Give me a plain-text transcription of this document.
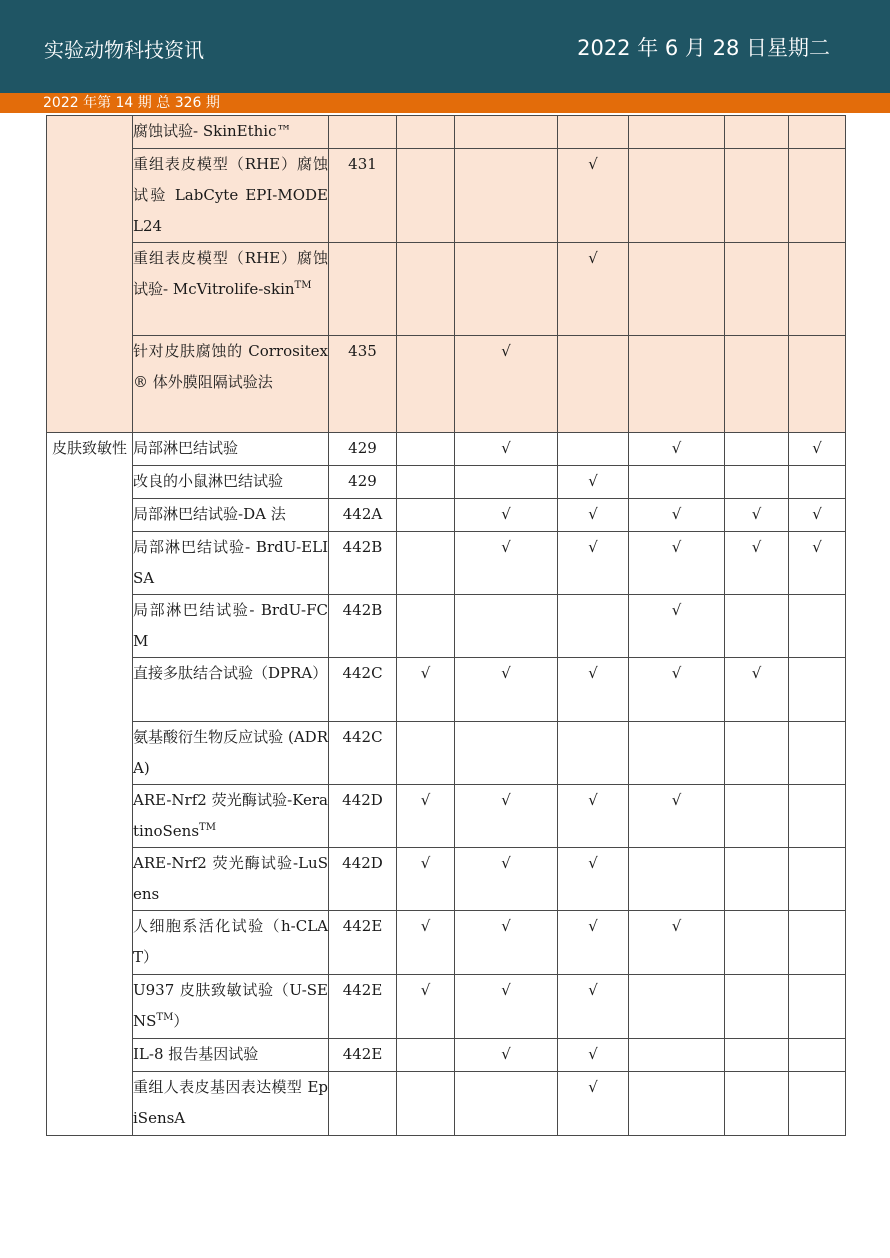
实验动物科技资讯	2022 年 6 月 28 日星期二
2022 年第 14 期 总 326 期
	腐蚀试验- SkinEthic™								
	重组表皮模型（RHE）腐蚀试验 LabCyte EPI-MODEL24	431			√				
	重组表皮模型（RHE）腐蚀试验- McVitrolife-skin™				√				
	针对皮肤腐蚀的 Corrositex® 体外膜阻隔试验法	435		√					
皮肤致敏性	局部淋巴结试验	429		√		√		√	
	改良的小鼠淋巴结试验	429			√				
	局部淋巴结试验-DA 法	442A		√	√	√	√	√	
	局部淋巴结试验- BrdU-ELISA	442B		√	√	√	√	√	
	局部淋巴结试验- BrdU-FCM	442B				√			
	直接多肽结合试验（DPRA）	442C	√	√	√	√	√		
	氨基酸衍生物反应试验 (ADRA)	442C							
	ARE-Nrf2 荧光酶试验-KeratinoSens™	442D	√	√	√	√			
	ARE-Nrf2 荧光酶试验-LuSens	442D	√	√	√				
	人细胞系活化试验（h-CLAT）	442E	√	√	√	√			
	U937 皮肤致敏试验（U-SENS™）	442E	√	√	√				
	IL-8 报告基因试验	442E		√	√				
	重组人表皮基因表达模型 EpiSensA				√				
